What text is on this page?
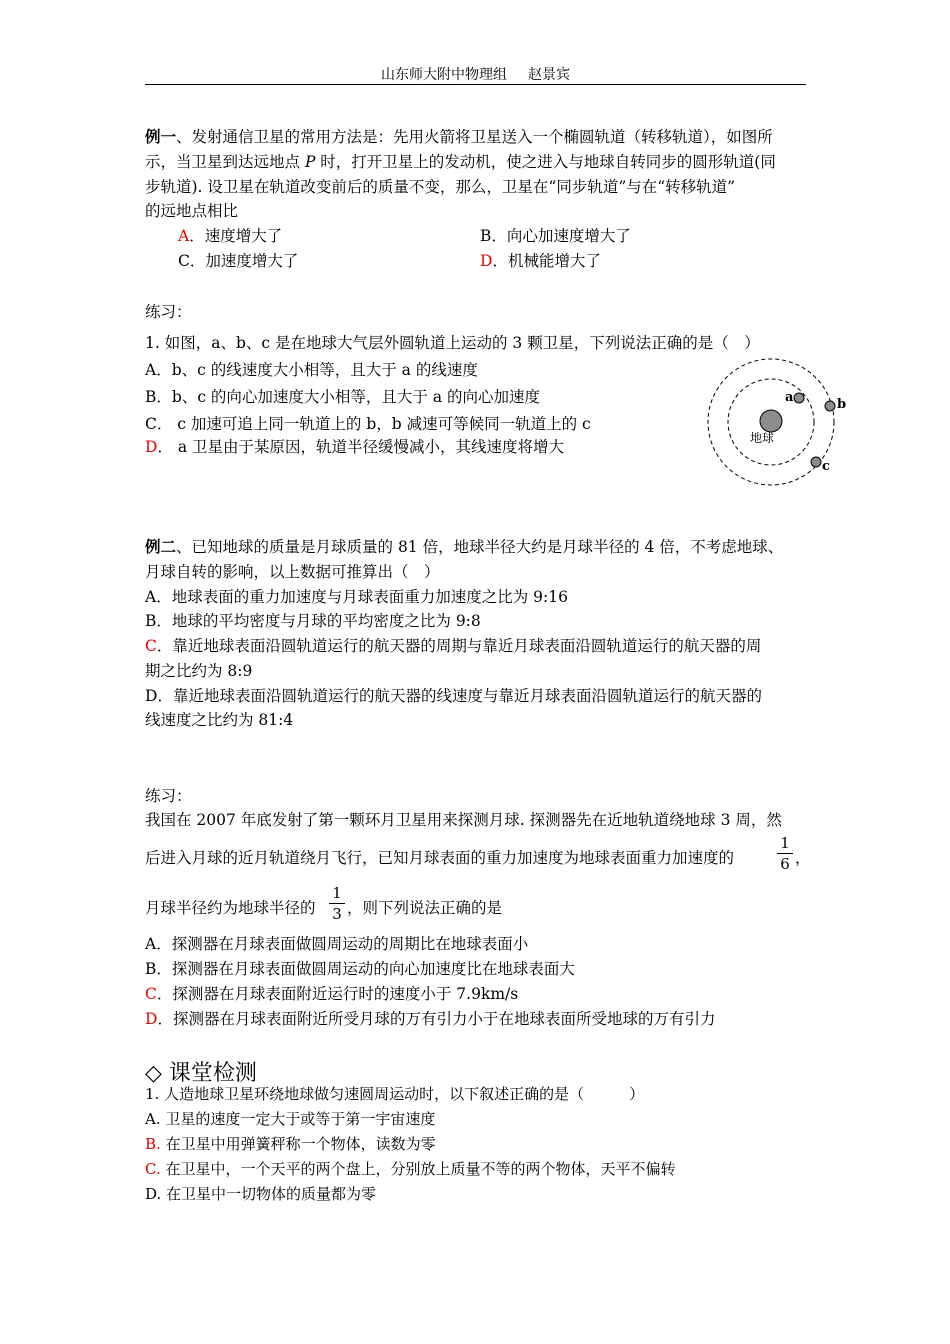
山东师大附中物理组   赵景宾
例一、发射通信卫星的常用方法是：先用火箭将卫星送入一个椭圆轨道（转移轨道），如图所
示，当卫星到达远地点 P 时，打开卫星上的发动机，使之进入与地球自转同步的圆形轨道(同
步轨道). 设卫星在轨道改变前后的质量不变，那么，卫星在“同步轨道”与在“转移轨道”
的远地点相比
A．速度增大了	B．向心加速度增大了
C．加速度增大了	D．机械能增大了
练习：
1. 如图，a、b、c 是在地球大气层外圆轨道上运动的 3 颗卫星，下列说法正确的是（　）
A．b、c 的线速度大小相等，且大于 a 的线速度
B．b、c 的向心加速度大小相等，且大于 a 的向心加速度
C． c 加速可追上同一轨道上的 b，b 减速可等候同一轨道上的 c
D． a 卫星由于某原因，轨道半径缓慢减小，其线速度将增大	地球
a	b
c
例二、已知地球的质量是月球质量的 81 倍，地球半径大约是月球半径的 4 倍，不考虑地球、
月球自转的影响，以上数据可推算出（　）
A．地球表面的重力加速度与月球表面重力加速度之比为 9:16
B．地球的平均密度与月球的平均密度之比为 9:8
C．靠近地球表面沿圆轨道运行的航天器的周期与靠近月球表面沿圆轨道运行的航天器的周
期之比约为 8:9
D．靠近地球表面沿圆轨道运行的航天器的线速度与靠近月球表面沿圆轨道运行的航天器的
线速度之比约为 81:4
练习：
我国在 2007 年底发射了第一颗环月卫星用来探测月球. 探测器先在近地轨道绕地球 3 周，然
后进入月球的近月轨道绕月飞行，已知月球表面的重力加速度为地球表面重力加速度的
1
6 ，
月球半径约为地球半径的
1
3 ，则下列说法正确的是
A．探测器在月球表面做圆周运动的周期比在地球表面小
B．探测器在月球表面做圆周运动的向心加速度比在地球表面大
C．探测器在月球表面附近运行时的速度小于 7.9km/s
D．探测器在月球表面附近所受月球的万有引力小于在地球表面所受地球的万有引力
◇ 课堂检测
1. 人造地球卫星环绕地球做匀速圆周运动时，以下叙述正确的是（　　　）
A. 卫星的速度一定大于或等于第一宇宙速度
B. 在卫星中用弹簧秤称一个物体，读数为零
C. 在卫星中，一个天平的两个盘上，分别放上质量不等的两个物体，天平不偏转
D. 在卫星中一切物体的质量都为零
